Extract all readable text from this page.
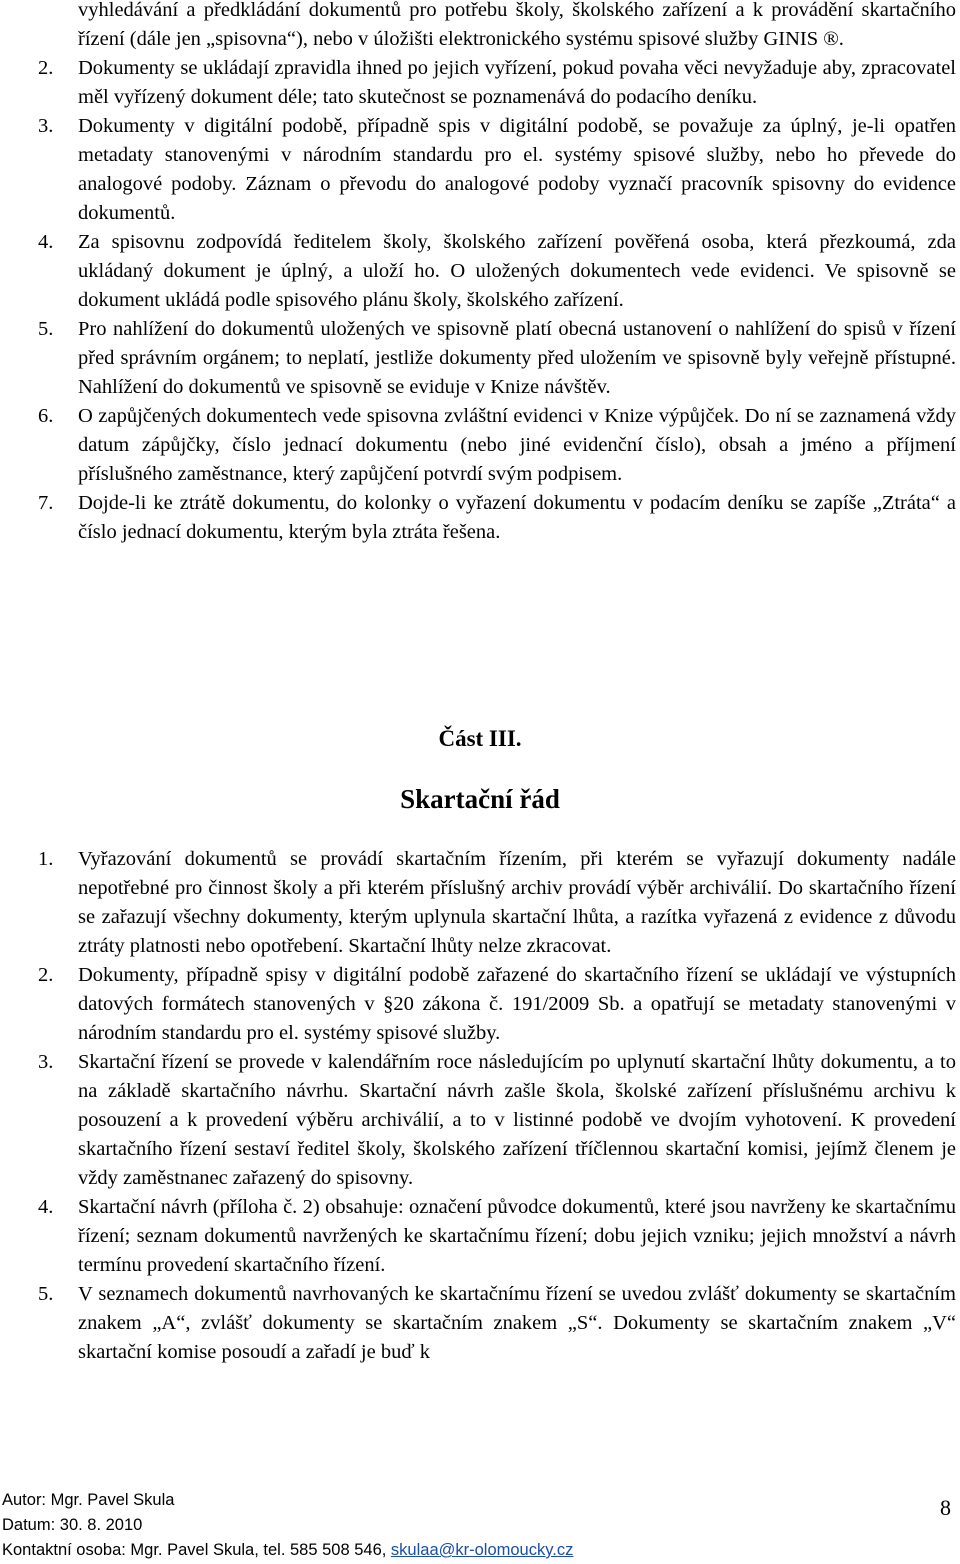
vyhledávání a předkládání dokumentů pro potřebu školy, školského zařízení a k provádění skartačního řízení (dále jen „spisovna“), nebo v úložišti elektronického systému spisové služby GINIS ®.

2. Dokumenty se ukládají zpravidla ihned po jejich vyřízení, pokud povaha věci nevyžaduje aby, zpracovatel měl vyřízený dokument déle; tato skutečnost se poznamenává do podacího deníku.

3. Dokumenty v digitální podobě, případně spis v digitální podobě, se považuje za úplný, je-li opatřen metadaty stanovenými v národním standardu pro el. systémy spisové služby, nebo ho převede do analogové podoby. Záznam o převodu do analogové podoby vyznačí pracovník spisovny do evidence dokumentů.

4. Za spisovnu zodpovídá ředitelem školy, školského zařízení pověřená osoba, která přezkoumá, zda ukládaný dokument je úplný, a uloží ho. O uložených dokumentech vede evidenci. Ve spisovně se dokument ukládá podle spisového plánu školy, školského zařízení.

5. Pro nahlížení do dokumentů uložených ve spisovně platí obecná ustanovení o nahlížení do spisů v řízení před správním orgánem; to neplatí, jestliže dokumenty před uložením ve spisovně byly veřejně přístupné. Nahlížení do dokumentů ve spisovně se eviduje v Knize návštěv.

6. O zapůjčených dokumentech vede spisovna zvláštní evidenci v Knize výpůjček. Do ní se zaznamená vždy datum zápůjčky, číslo jednací dokumentu (nebo jiné evidenční číslo), obsah a jméno a příjmení příslušného zaměstnance, který zapůjčení potvrdí svým podpisem.

7. Dojde-li ke ztrátě dokumentu, do kolonky o vyřazení dokumentu v podacím deníku se zapíše „Ztráta“ a číslo jednací dokumentu, kterým byla ztráta řešena.

Část III.
Skartační řád

1. Vyřazování dokumentů se provádí skartačním řízením, při kterém se vyřazují dokumenty nadále nepotřebné pro činnost školy a při kterém příslušný archiv provádí výběr archiválií. Do skartačního řízení se zařazují všechny dokumenty, kterým uplynula skartační lhůta, a razítka vyřazená z evidence z důvodu ztráty platnosti nebo opotřebení. Skartační lhůty nelze zkracovat.

2. Dokumenty, případně spisy v digitální podobě zařazené do skartačního řízení se ukládají ve výstupních datových formátech stanovených v §20 zákona č. 191/2009 Sb. a opatřují se metadaty stanovenými v národním standardu pro el. systémy spisové služby.

3. Skartační řízení se provede v kalendářním roce následujícím po uplynutí skartační lhůty dokumentu, a to na základě skartačního návrhu. Skartační návrh zašle škola, školské zařízení příslušnému archivu k posouzení a k provedení výběru archiválií, a to v listinné podobě ve dvojím vyhotovení. K provedení skartačního řízení sestaví ředitel školy, školského zařízení tříčlennou skartační komisi, jejímž členem je vždy zaměstnanec zařazený do spisovny.

4. Skartační návrh (příloha č. 2) obsahuje: označení původce dokumentů, které jsou navrženy ke skartačnímu řízení; seznam dokumentů navržených ke skartačnímu řízení; dobu jejich vzniku; jejich množství a návrh termínu provedení skartačního řízení.

5. V seznamech dokumentů navrhovaných ke skartačnímu řízení se uvedou zvlášť dokumenty se skartačním znakem „A“, zvlášť dokumenty se skartačním znakem „S“. Dokumenty se skartačním znakem „V“ skartační komise posoudí a zařadí je buď k

Autor: Mgr. Pavel Skula
Datum: 30. 8. 2010
Kontaktní osoba: Mgr. Pavel Skula, tel. 585 508 546, skulaa@kr-olomoucky.cz
8
